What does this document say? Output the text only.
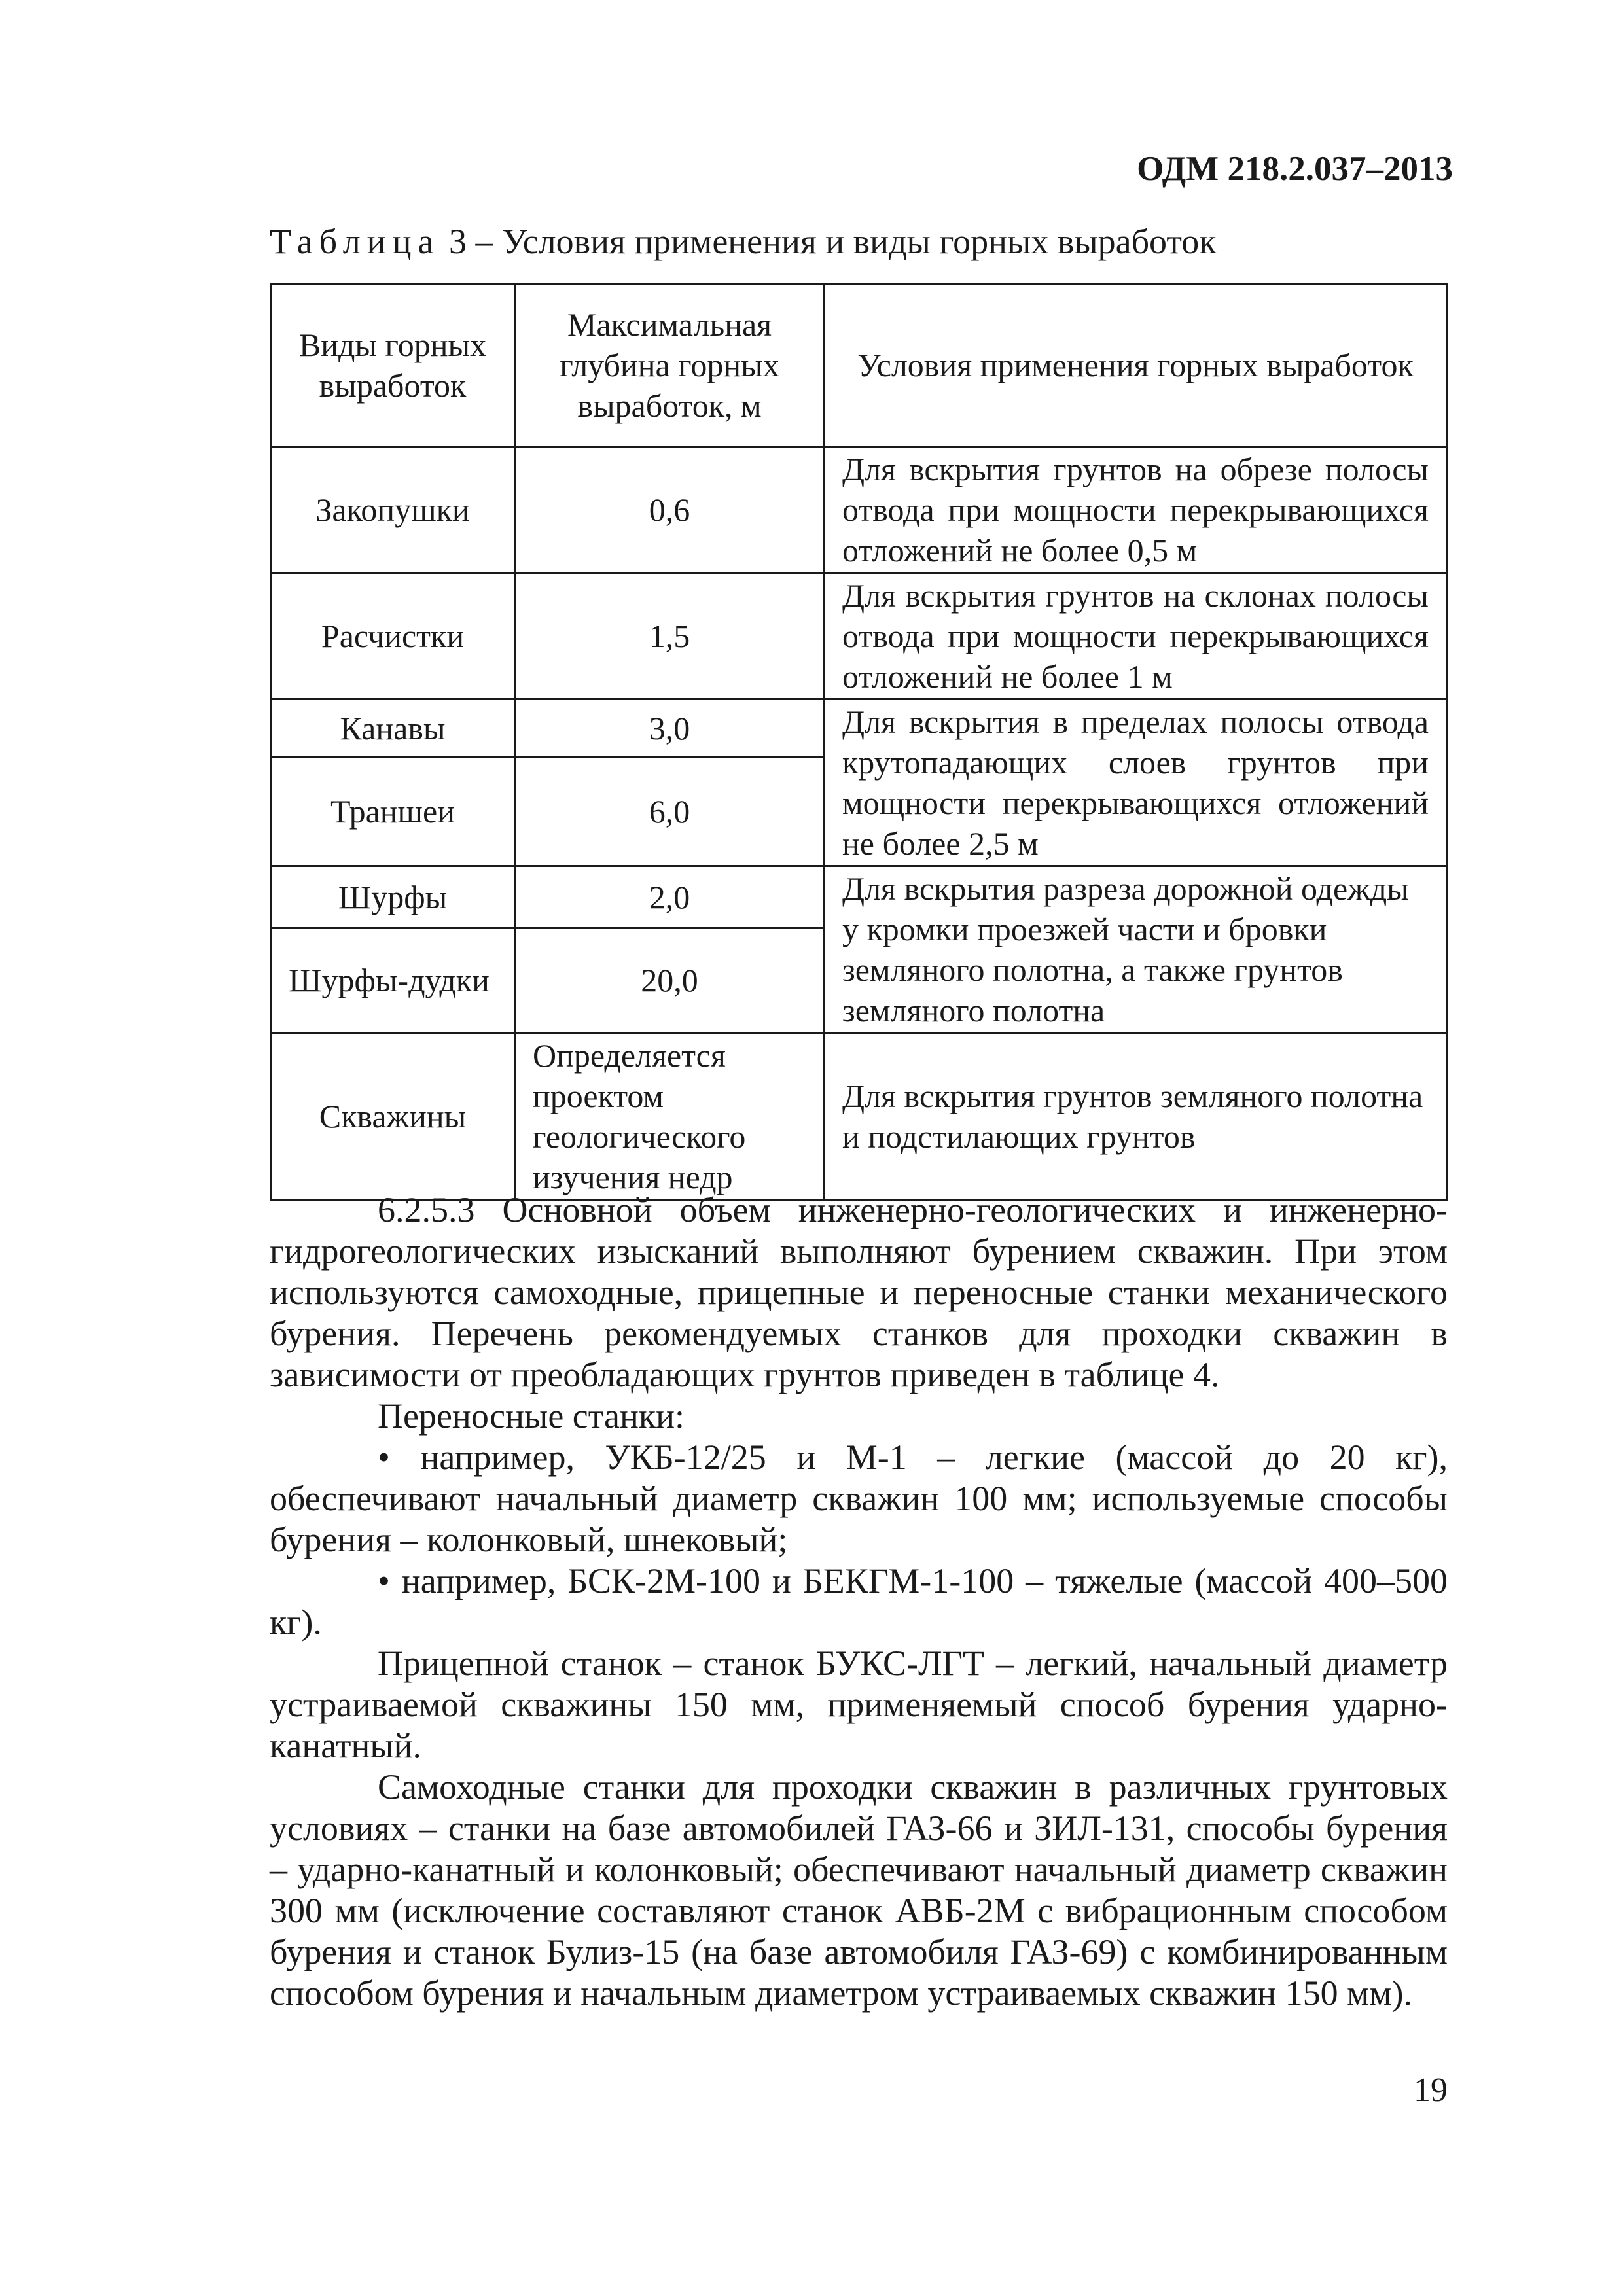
ОДМ 218.2.037–2013
Таблица 3 – Условия применения и виды горных выработок
Виды горных выработок	Максимальная глубина горных выработок, м	Условия применения горных выработок
Закопушки	0,6	Для вскрытия грунтов на обрезе полосы отвода при мощности перекрывающихся отложений не более 0,5 м
Расчистки	1,5	Для вскрытия грунтов на склонах полосы отвода при мощности перекрывающихся отложений не более 1 м
Канавы	3,0	Для вскрытия в пределах полосы отвода крутопадающих слоев грунтов при мощности перекрывающихся отложений не более 2,5 м
Траншеи	6,0	
Шурфы	2,0	Для вскрытия разреза дорожной одежды у кромки проезжей части и бровки земляного полотна, а также грунтов земляного полотна
Шурфы-дудки	20,0	
Скважины	Определяется проектом геологического изучения недр	Для вскрытия грунтов земляного полотна и подстилающих грунтов

6.2.5.3 Основной объем инженерно-геологических и инженерно-гидрогеологических изысканий выполняют бурением скважин. При этом используются самоходные, прицепные и переносные станки механического бурения. Перечень рекомендуемых станков для проходки скважин в зависимости от преобладающих грунтов приведен в таблице 4.

Переносные станки:

• например, УКБ-12/25 и М-1 – легкие (массой до 20 кг), обеспечивают начальный диаметр скважин 100 мм; используемые способы бурения – колонковый, шнековый;

• например, БСК-2М-100 и БЕКГМ-1-100 – тяжелые (массой 400–500 кг).

Прицепной станок – станок БУКС-ЛГТ – легкий, начальный диаметр устраиваемой скважины 150 мм, применяемый способ бурения ударно-канатный.

Самоходные станки для проходки скважин в различных грунтовых условиях – станки на базе автомобилей ГАЗ-66 и ЗИЛ-131, способы бурения – ударно-канатный и колонковый; обеспечивают начальный диаметр скважин 300 мм (исключение составляют станок АВБ-2М с вибрационным способом бурения и станок Булиз-15 (на базе автомобиля ГАЗ-69) с комбинированным способом бурения и начальным диаметром устраиваемых скважин 150 мм).

19
